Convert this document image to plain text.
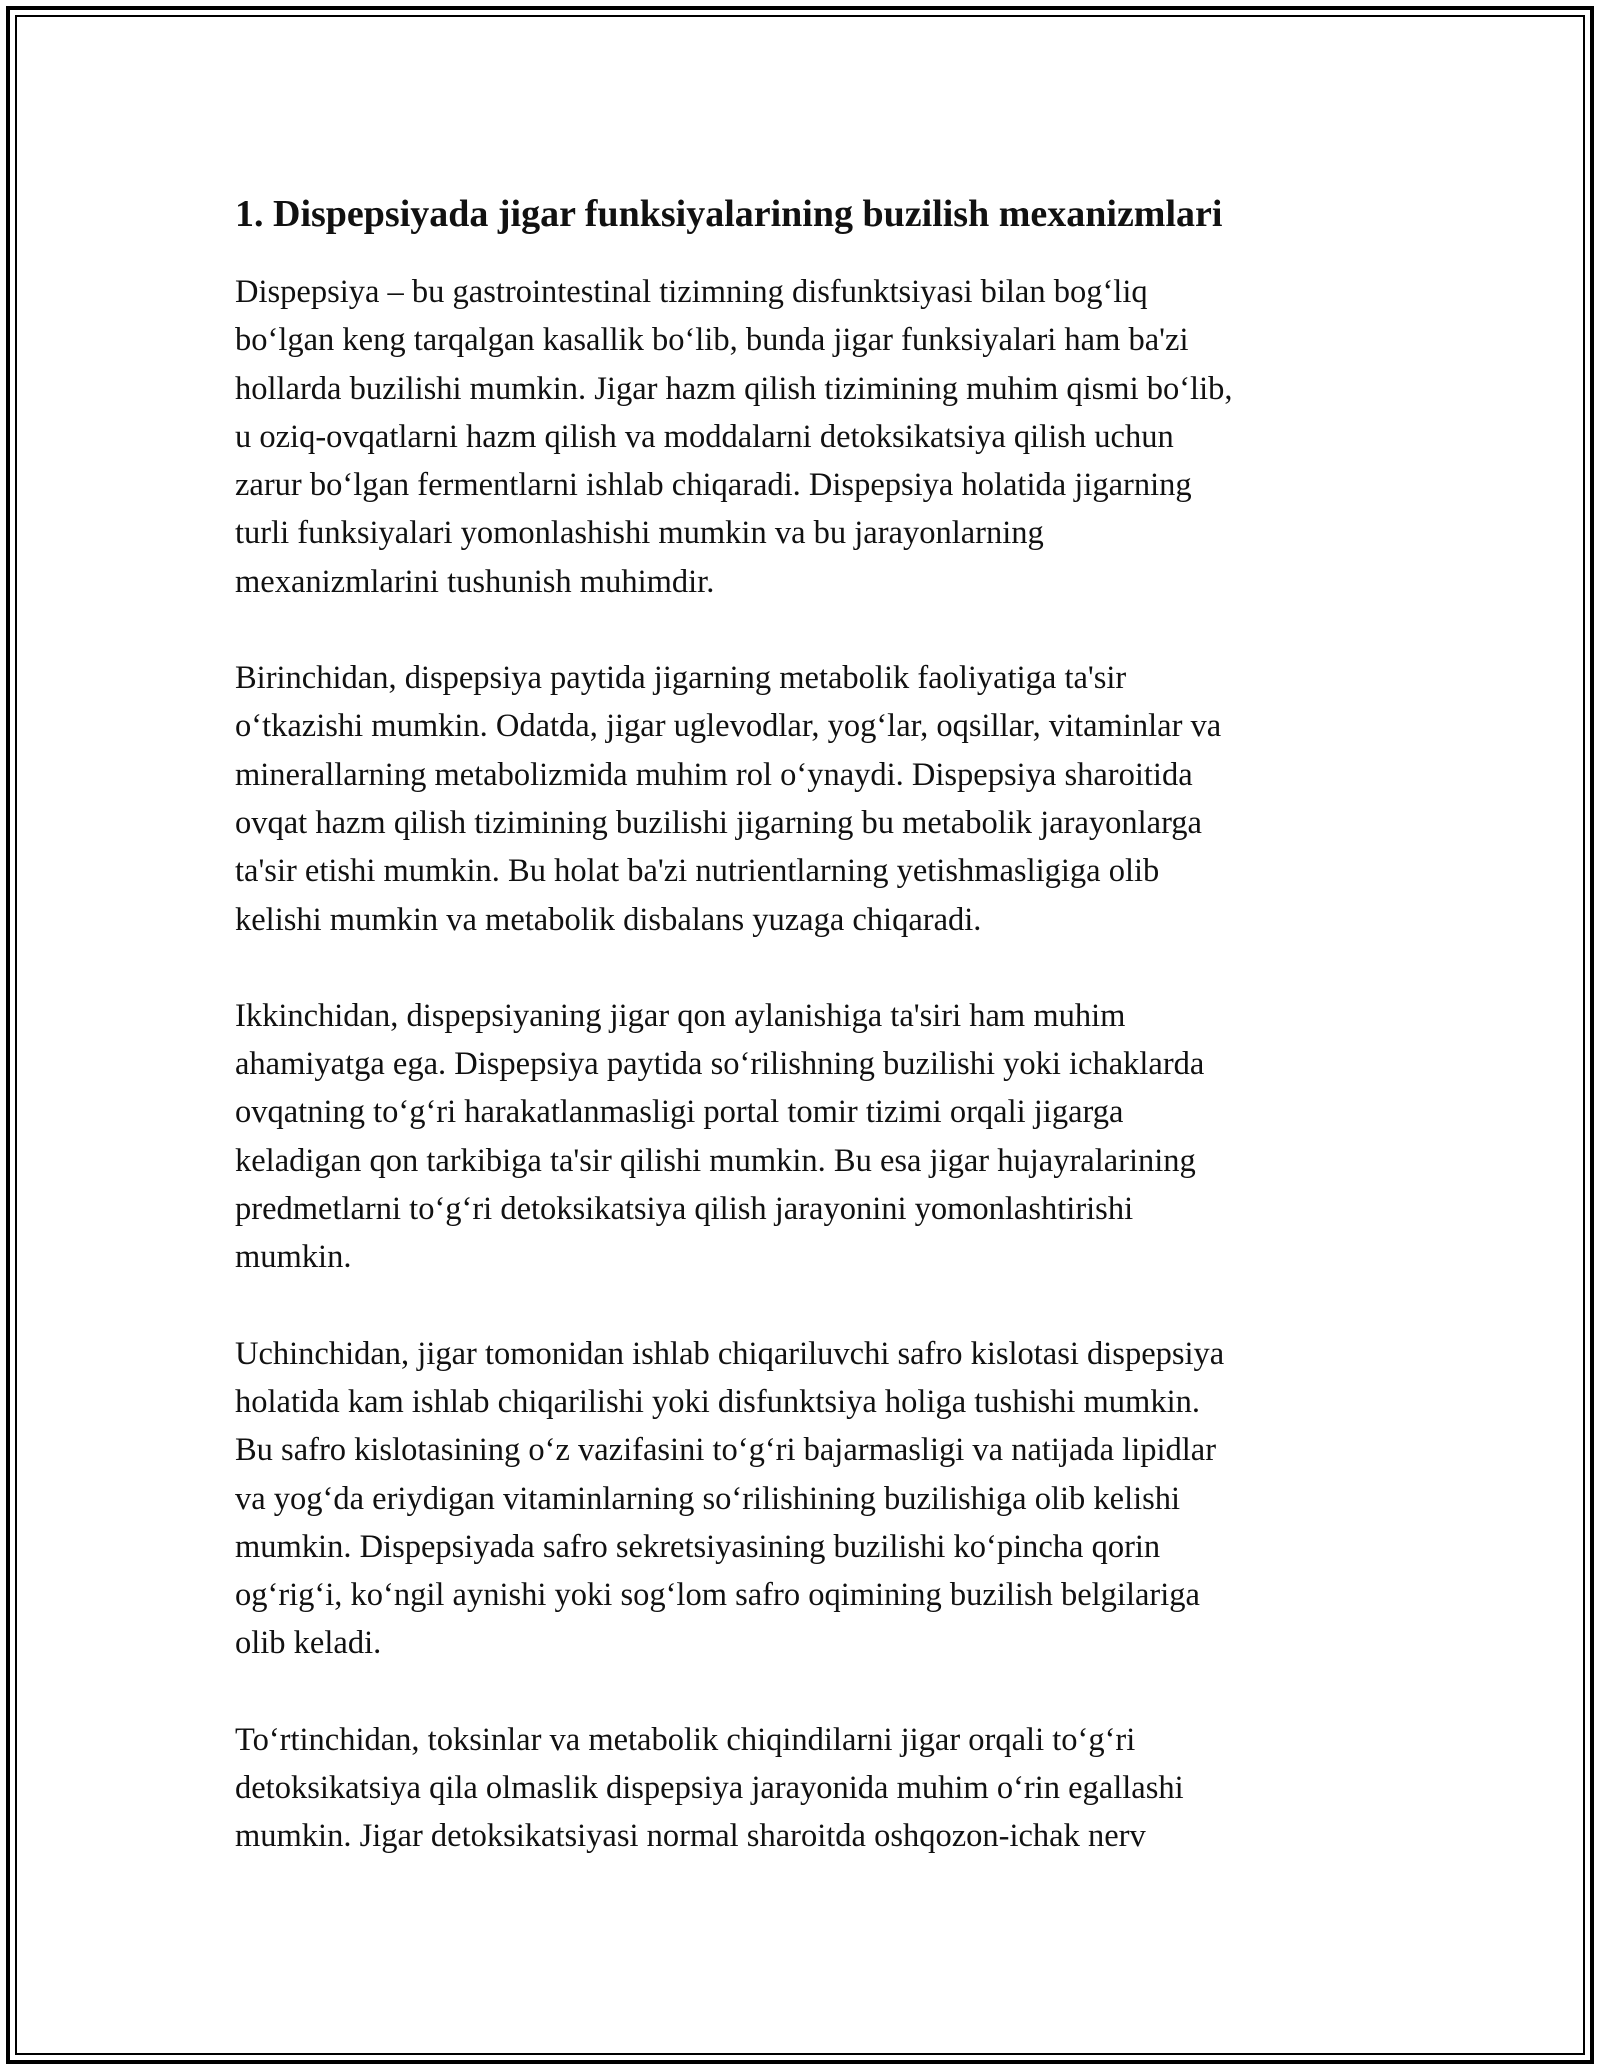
1. Dispepsiyada jigar funksiyalarining buzilish mexanizmlari

Dispepsiya – bu gastrointestinal tizimning disfunktsiyasi bilan bog‘liq
bo‘lgan keng tarqalgan kasallik bo‘lib, bunda jigar funksiyalari ham ba'zi
hollarda buzilishi mumkin. Jigar hazm qilish tizimining muhim qismi bo‘lib,
u oziq-ovqatlarni hazm qilish va moddalarni detoksikatsiya qilish uchun
zarur bo‘lgan fermentlarni ishlab chiqaradi. Dispepsiya holatida jigarning
turli funksiyalari yomonlashishi mumkin va bu jarayonlarning
mexanizmlarini tushunish muhimdir.

Birinchidan, dispepsiya paytida jigarning metabolik faoliyatiga ta'sir
o‘tkazishi mumkin. Odatda, jigar uglevodlar, yog‘lar, oqsillar, vitaminlar va
minerallarning metabolizmida muhim rol o‘ynaydi. Dispepsiya sharoitida
ovqat hazm qilish tizimining buzilishi jigarning bu metabolik jarayonlarga
ta'sir etishi mumkin. Bu holat ba'zi nutrientlarning yetishmasligiga olib
kelishi mumkin va metabolik disbalans yuzaga chiqaradi.

Ikkinchidan, dispepsiyaning jigar qon aylanishiga ta'siri ham muhim
ahamiyatga ega. Dispepsiya paytida so‘rilishning buzilishi yoki ichaklarda
ovqatning to‘g‘ri harakatlanmasligi portal tomir tizimi orqali jigarga
keladigan qon tarkibiga ta'sir qilishi mumkin. Bu esa jigar hujayralarining
predmetlarni to‘g‘ri detoksikatsiya qilish jarayonini yomonlashtirishi
mumkin.

Uchinchidan, jigar tomonidan ishlab chiqariluvchi safro kislotasi dispepsiya
holatida kam ishlab chiqarilishi yoki disfunktsiya holiga tushishi mumkin.
Bu safro kislotasining o‘z vazifasini to‘g‘ri bajarmasligi va natijada lipidlar
va yog‘da eriydigan vitaminlarning so‘rilishining buzilishiga olib kelishi
mumkin. Dispepsiyada safro sekretsiyasining buzilishi ko‘pincha qorin
og‘rig‘i, ko‘ngil aynishi yoki sog‘lom safro oqimining buzilish belgilariga
olib keladi.

To‘rtinchidan, toksinlar va metabolik chiqindilarni jigar orqali to‘g‘ri
detoksikatsiya qila olmaslik dispepsiya jarayonida muhim o‘rin egallashi
mumkin. Jigar detoksikatsiyasi normal sharoitda oshqozon-ichak nerv
